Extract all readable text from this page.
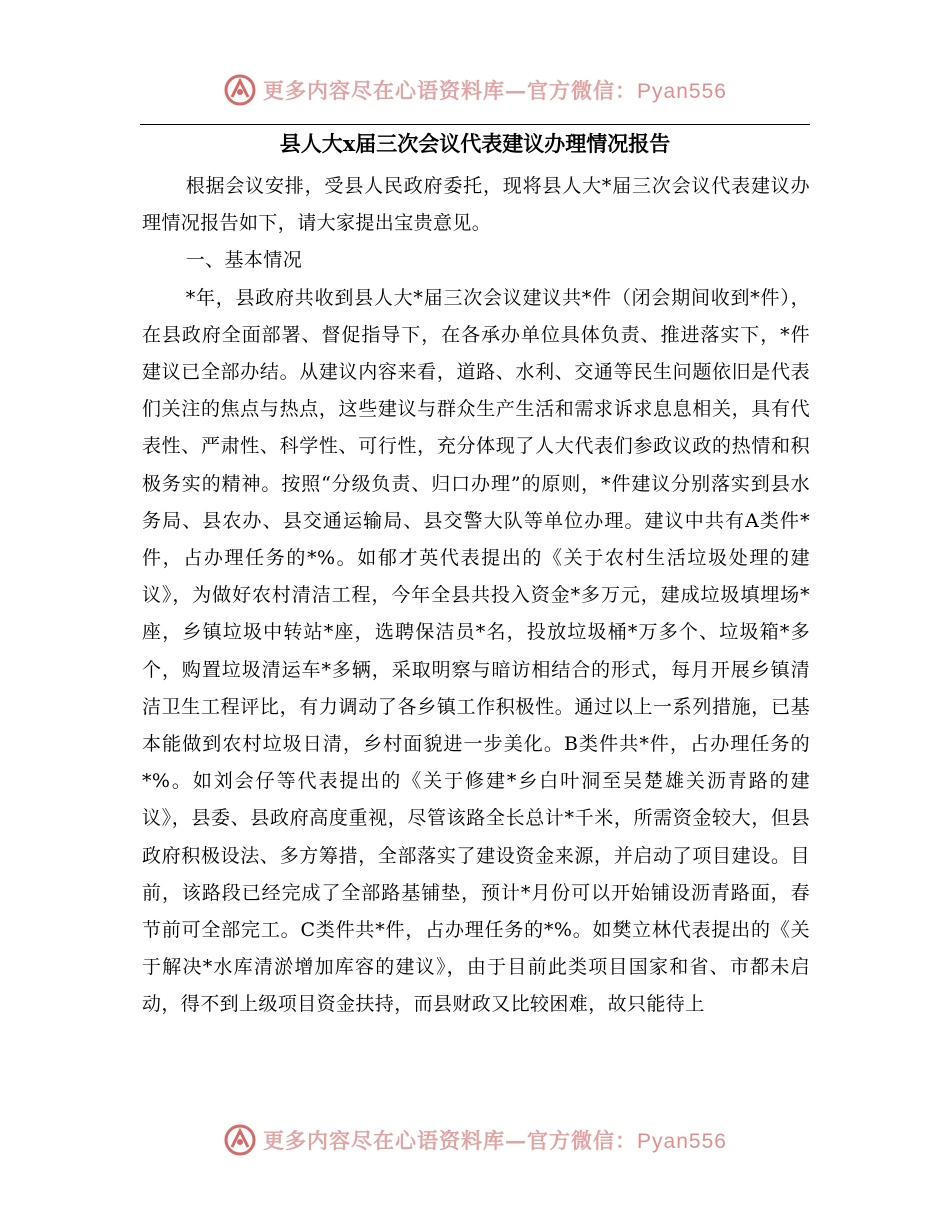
更多内容尽在心语资料库—官方微信：Pyan556
县人大x届三次会议代表建议办理情况报告

根据会议安排，受县人民政府委托，现将县人大*届三次会议代表建议办理情况报告如下，请大家提出宝贵意见。

一、基本情况

*年，县政府共收到县人大*届三次会议建议共*件（闭会期间收到*件），在县政府全面部署、督促指导下，在各承办单位具体负责、推进落实下，*件建议已全部办结。从建议内容来看，道路、水利、交通等民生问题依旧是代表们关注的焦点与热点，这些建议与群众生产生活和需求诉求息息相关，具有代表性、严肃性、科学性、可行性，充分体现了人大代表们参政议政的热情和积极务实的精神。按照“分级负责、归口办理”的原则，*件建议分别落实到县水务局、县农办、县交通运输局、县交警大队等单位办理。建议中共有A类件*件，占办理任务的*%。如郁才英代表提出的《关于农村生活垃圾处理的建议》，为做好农村清洁工程，今年全县共投入资金*多万元，建成垃圾填埋场*座，乡镇垃圾中转站*座，选聘保洁员*名，投放垃圾桶*万多个、垃圾箱*多个，购置垃圾清运车*多辆，采取明察与暗访相结合的形式，每月开展乡镇清洁卫生工程评比，有力调动了各乡镇工作积极性。通过以上一系列措施，已基本能做到农村垃圾日清，乡村面貌进一步美化。B类件共*件，占办理任务的*%。如刘会仔等代表提出的《关于修建*乡白叶洞至吴楚雄关沥青路的建议》，县委、县政府高度重视，尽管该路全长总计*千米，所需资金较大，但县政府积极设法、多方筹措，全部落实了建设资金来源，并启动了项目建设。目前，该路段已经完成了全部路基铺垫，预计*月份可以开始铺设沥青路面，春节前可全部完工。C类件共*件，占办理任务的*%。如樊立林代表提出的《关于解决*水库清淤增加库容的建议》，由于目前此类项目国家和省、市都未启动，得不到上级项目资金扶持，而县财政又比较困难，故只能待上

更多内容尽在心语资料库—官方微信：Pyan556
